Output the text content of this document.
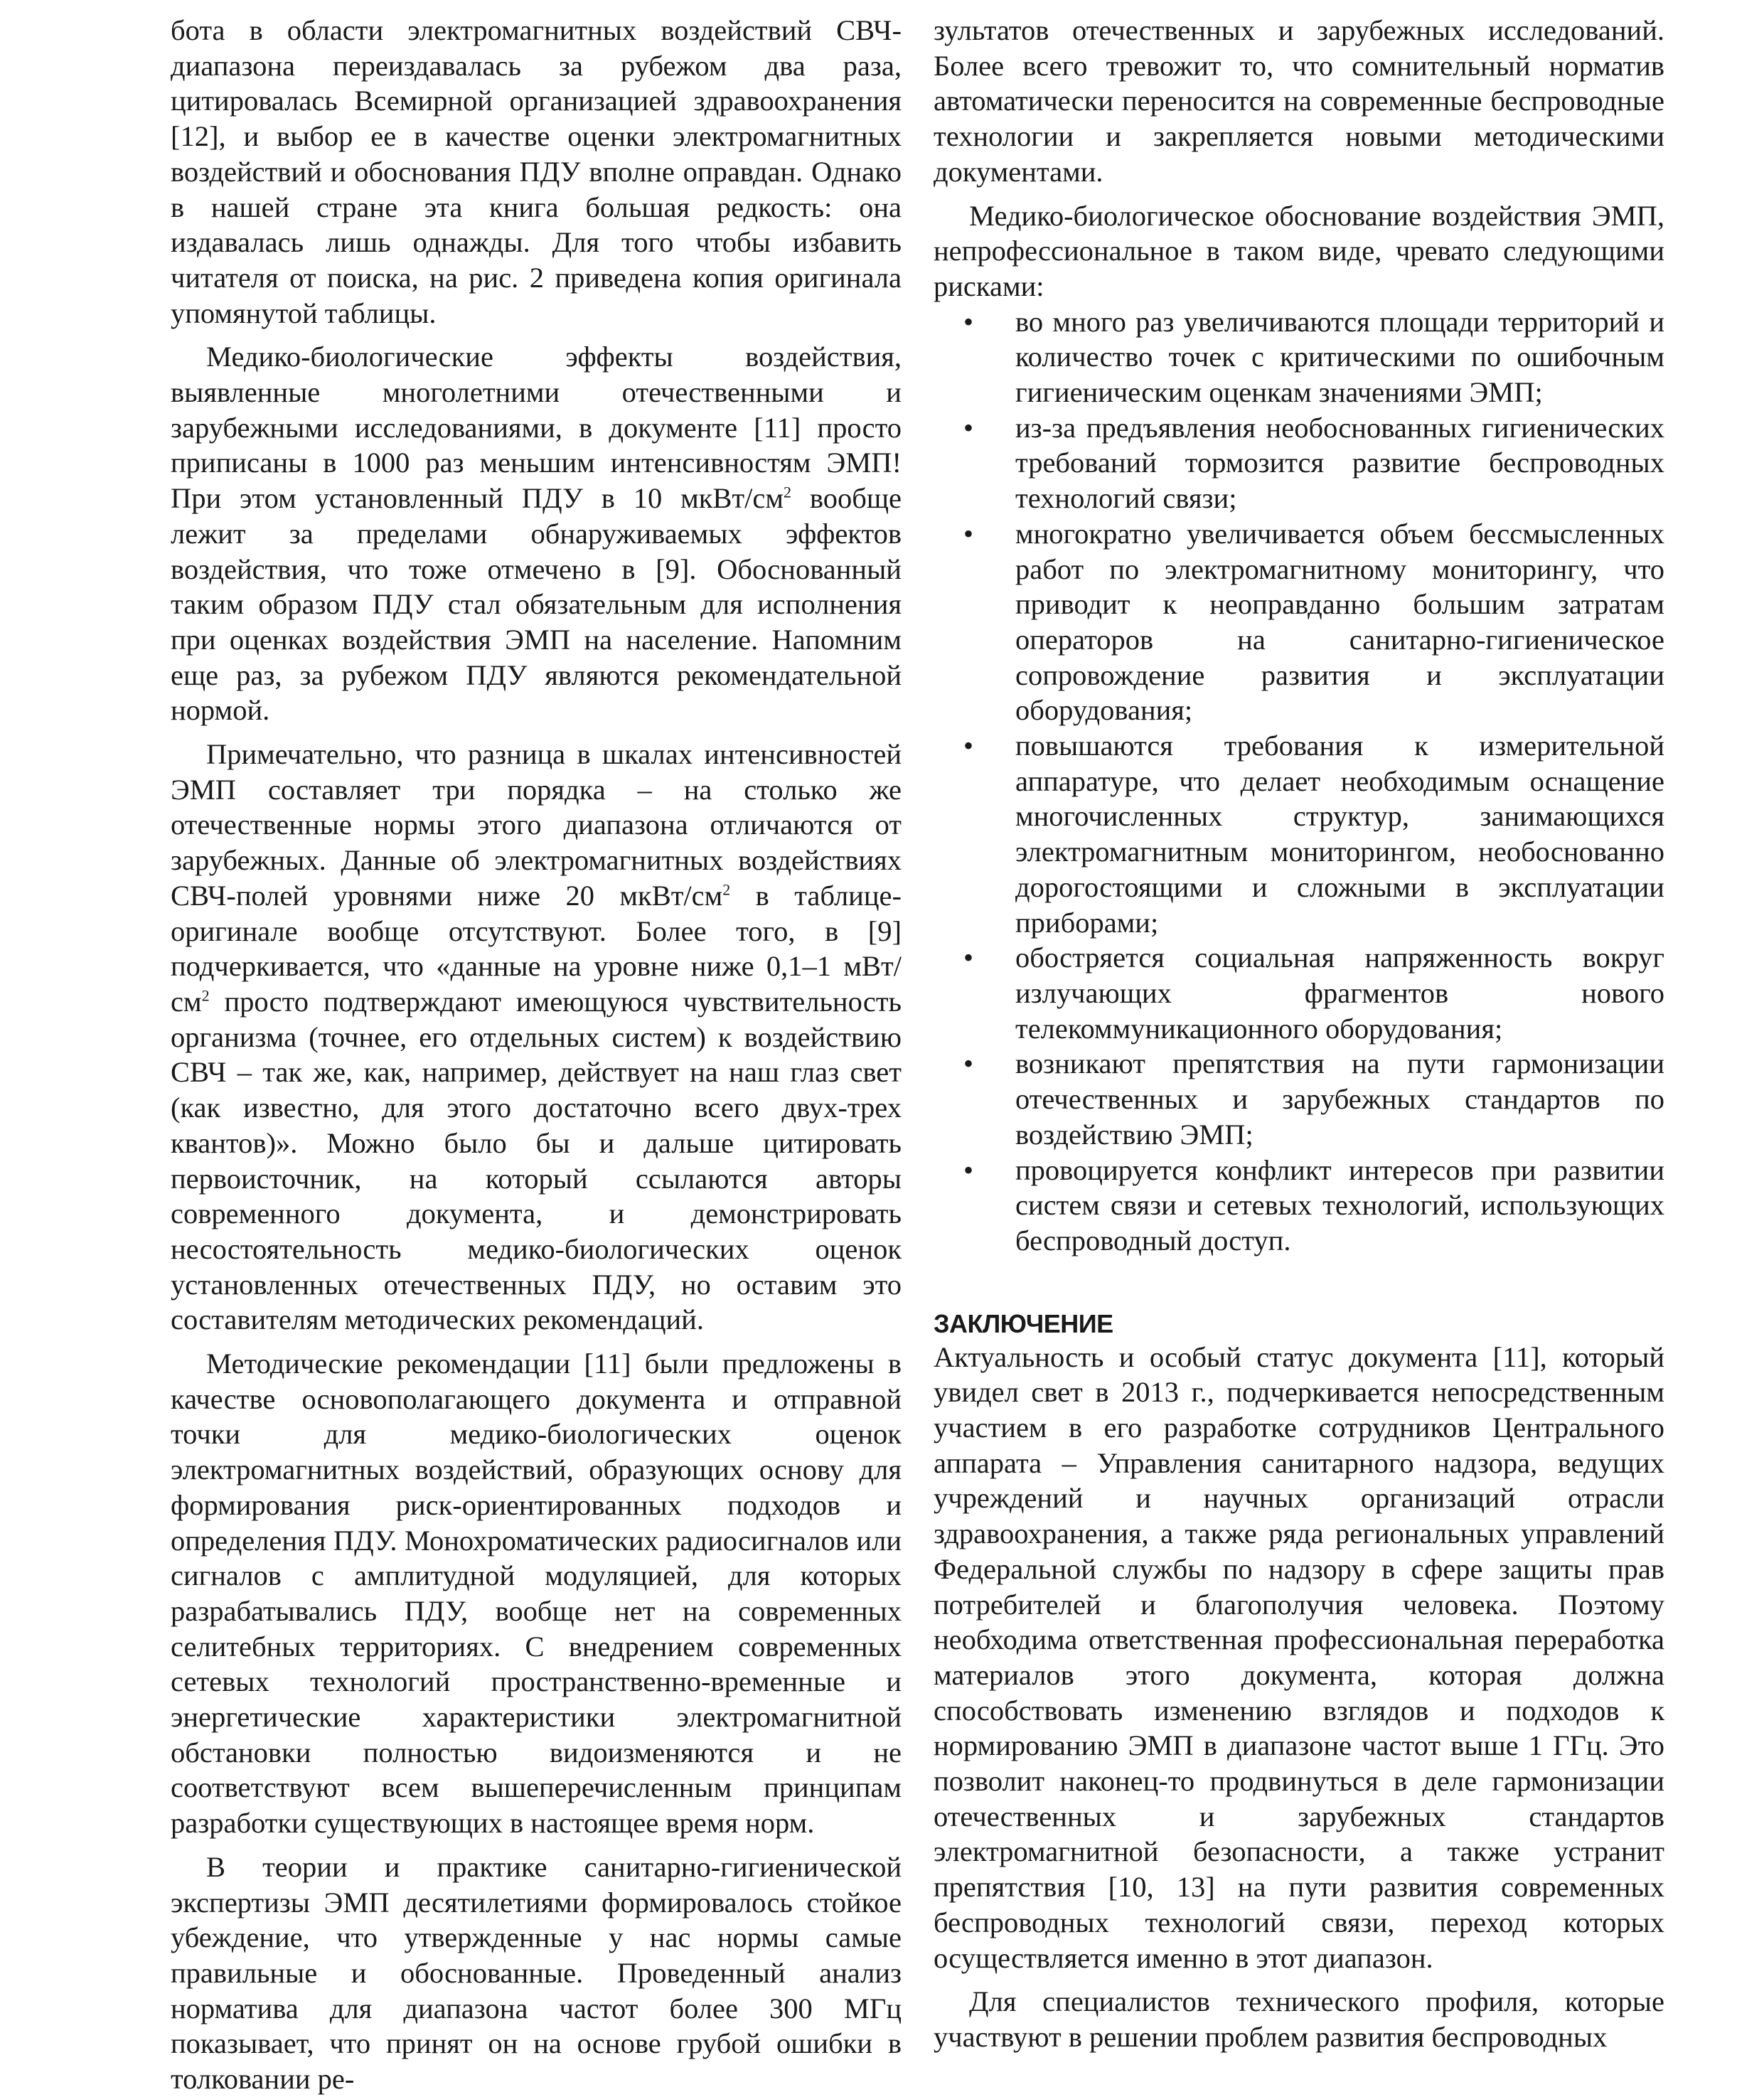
бота в области электромагнитных воздействий СВЧ-диапазона переиздавалась за рубежом два раза, цитировалась Всемирной организацией здравоохранения [12], и выбор ее в качестве оценки электромагнитных воздействий и обоснования ПДУ вполне оправдан. Однако в нашей стране эта книга большая редкость: она издавалась лишь однажды. Для того чтобы избавить читателя от поиска, на рис. 2 приведена копия оригинала упомянутой таблицы.

Медико-биологические эффекты воздействия, выявленные многолетними отечественными и зарубежными исследованиями, в документе [11] просто приписаны в 1000 раз меньшим интенсивностям ЭМП! При этом установленный ПДУ в 10 мкВт/$см^2$ вообще лежит за пределами обнаруживаемых эффектов воздействия, что тоже отмечено в [9]. Обоснованный таким образом ПДУ стал обязательным для исполнения при оценках воздействия ЭМП на население. Напомним еще раз, за рубежом ПДУ являются рекомендательной нормой.

Примечательно, что разница в шкалах интенсивностей ЭМП составляет три порядка – на столько же отечественные нормы этого диапазона отличаются от зарубежных. Данные об электромагнитных воздействиях СВЧ-полей уровнями ниже 20 мкВт/$см^2$ в таблице-оригинале вообще отсутствуют. Более того, в [9] подчеркивается, что «данные на уровне ниже 0,1–1 мВт/$см^2$ просто подтверждают имеющуюся чувствительность организма (точнее, его отдельных систем) к воздействию СВЧ – так же, как, например, действует на наш глаз свет (как известно, для этого достаточно всего двух-трех квантов)». Можно было бы и дальше цитировать первоисточник, на который ссылаются авторы современного документа, и демонстрировать несостоятельность медико-биологических оценок установленных отечественных ПДУ, но оставим это составителям методических рекомендаций.

Методические рекомендации [11] были предложены в качестве основополагающего документа и отправной точки для медико-биологических оценок электромагнитных воздействий, образующих основу для формирования риск-ориентированных подходов и определения ПДУ. Монохроматических радиосигналов или сигналов с амплитудной модуляцией, для которых разрабатывались ПДУ, вообще нет на современных селитебных территориях. С внедрением современных сетевых технологий пространственно-временные и энергетические характеристики электромагнитной обстановки полностью видоизменяются и не соответствуют всем вышеперечисленным принципам разработки существующих в настоящее время норм.

В теории и практике санитарно-гигиенической экспертизы ЭМП десятилетиями формировалось стойкое убеждение, что утвержденные у нас нормы самые правильные и обоснованные. Проведенный анализ норматива для диапазона частот более 300 МГц показывает, что принят он на основе грубой ошибки в толковании ре-

зультатов отечественных и зарубежных исследований. Более всего тревожит то, что сомнительный норматив автоматически переносится на современные беспроводные технологии и закрепляется новыми методическими документами.

Медико-биологическое обоснование воздействия ЭМП, непрофессиональное в таком виде, чревато следующими рисками:

• во много раз увеличиваются площади территорий и количество точек с критическими по ошибочным гигиеническим оценкам значениями ЭМП;
• из-за предъявления необоснованных гигиенических требований тормозится развитие беспроводных технологий связи;
• многократно увеличивается объем бессмысленных работ по электромагнитному мониторингу, что приводит к неоправданно большим затратам операторов на санитарно-гигиеническое сопровождение развития и эксплуатации оборудования;
• повышаются требования к измерительной аппаратуре, что делает необходимым оснащение многочисленных структур, занимающихся электромагнитным мониторингом, необоснованно дорогостоящими и сложными в эксплуатации приборами;
• обостряется социальная напряженность вокруг излучающих фрагментов нового телекоммуникационного оборудования;
• возникают препятствия на пути гармонизации отечественных и зарубежных стандартов по воздействию ЭМП;
• провоцируется конфликт интересов при развитии систем связи и сетевых технологий, использующих беспроводный доступ.
ЗАКЛЮЧЕНИЕ

Актуальность и особый статус документа [11], который увидел свет в 2013 г., подчеркивается непосредственным участием в его разработке сотрудников Центрального аппарата – Управления санитарного надзора, ведущих учреждений и научных организаций отрасли здравоохранения, а также ряда региональных управлений Федеральной службы по надзору в сфере защиты прав потребителей и благополучия человека. Поэтому необходима ответственная профессиональная переработка материалов этого документа, которая должна способствовать изменению взглядов и подходов к нормированию ЭМП в диапазоне частот выше 1 ГГц. Это позволит наконец-то продвинуться в деле гармонизации отечественных и зарубежных стандартов электромагнитной безопасности, а также устранит препятствия [10, 13] на пути развития современных беспроводных технологий связи, переход которых осуществляется именно в этот диапазон.

Для специалистов технического профиля, которые участвуют в решении проблем развития беспроводных
